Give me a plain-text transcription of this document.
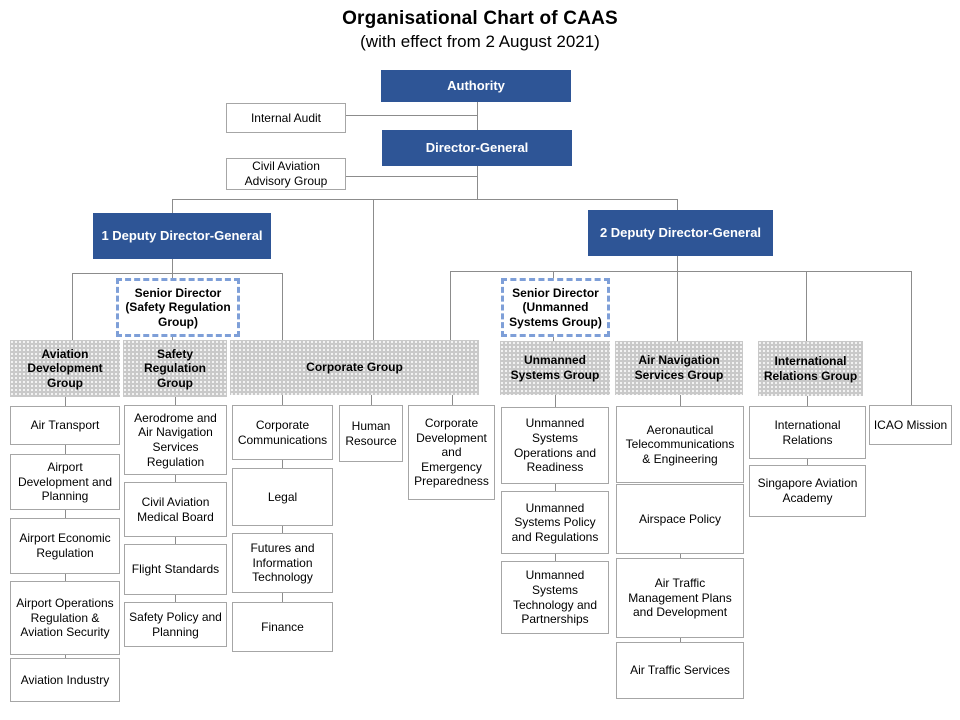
Organisational Chart of CAAS
(with effect from 2 August 2021)
Authority
Internal Audit
Director-General
Civil Aviation Advisory Group
1 Deputy Director-General	2 Deputy Director-General
Senior Director (Safety Regulation Group)
Senior Director (Unmanned Systems Group)
Aviation Development Group
Safety Regulation Group
Corporate Group	Unmanned Systems Group
Air Navigation Services Group
International Relations Group
Air Transport
Airport Development and Planning
Airport Economic Regulation
Airport Operations Regulation & Aviation Security
Aviation Industry
Aerodrome and Air Navigation Services Regulation
Civil Aviation Medical Board
Flight Standards
Safety Policy and Planning
Corporate Communications
Human Resource
Corporate Development and Emergency Preparedness
Legal
Futures and Information Technology
Finance
Unmanned Systems Operations and Readiness
Unmanned Systems Policy and Regulations
Unmanned Systems Technology and Partnerships
Aeronautical Telecommunications & Engineering
Airspace Policy
Air Traffic Management Plans and Development
Air Traffic Services
International Relations
Singapore Aviation Academy
ICAO Mission
